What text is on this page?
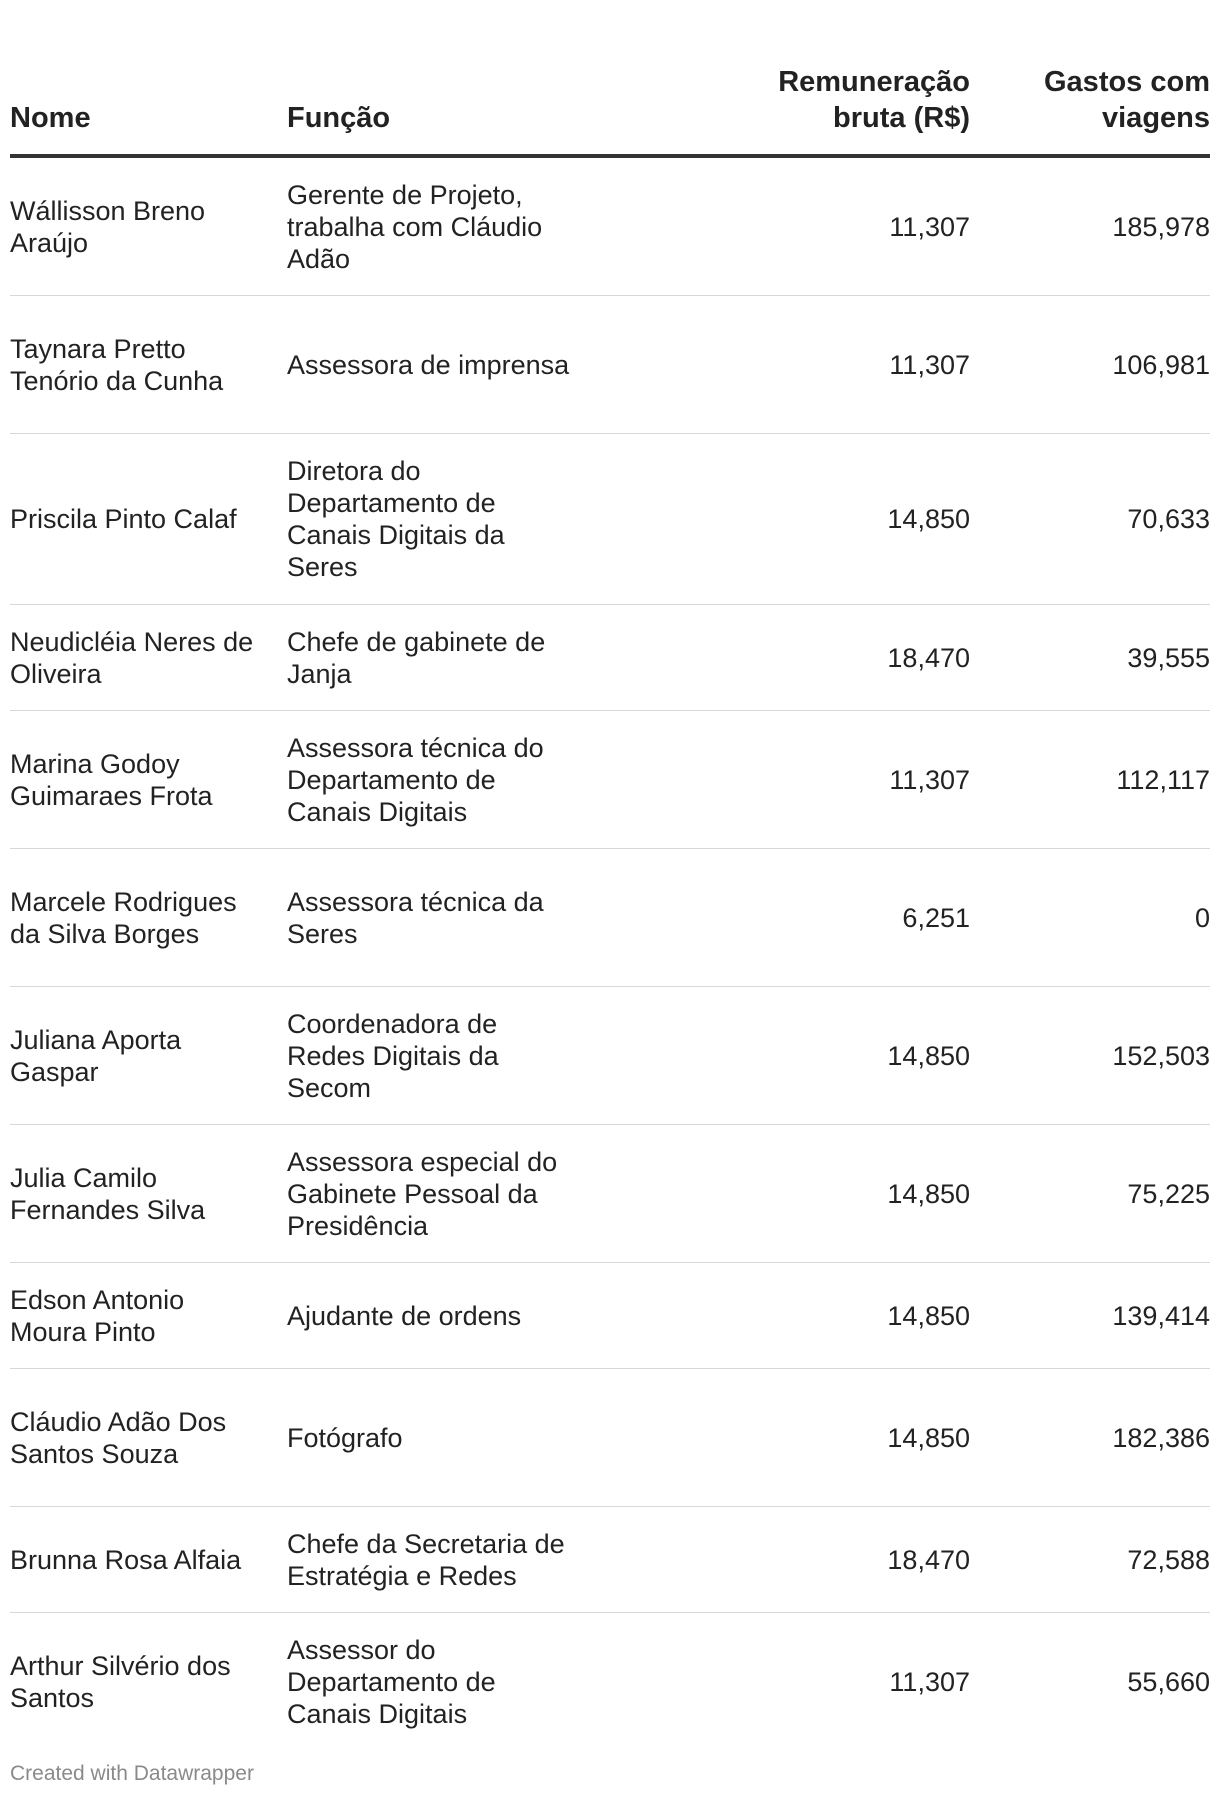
Nome	Função	Remuneração bruta (R$)	Gastos com viagens

Wállisson Breno Araújo	Gerente de Projeto, trabalha com Cláudio Adão	11,307	185,978

Taynara Pretto Tenório da Cunha	Assessora de imprensa	11,307	106,981

Priscila Pinto Calaf	Diretora do Departamento de Canais Digitais da Seres	14,850	70,633

Neudicléia Neres de Oliveira	Chefe de gabinete de Janja	18,470	39,555

Marina Godoy Guimaraes Frota	Assessora técnica do Departamento de Canais Digitais	11,307	112,117

Marcele Rodrigues da Silva Borges	Assessora técnica da Seres	6,251	0

Juliana Aporta Gaspar	Coordenadora de Redes Digitais da Secom	14,850	152,503

Julia Camilo Fernandes Silva	Assessora especial do Gabinete Pessoal da Presidência	14,850	75,225

Edson Antonio Moura Pinto	Ajudante de ordens	14,850	139,414

Cláudio Adão Dos Santos Souza	Fotógrafo	14,850	182,386

Brunna Rosa Alfaia	Chefe da Secretaria de Estratégia e Redes	18,470	72,588

Arthur Silvério dos Santos	Assessor do Departamento de Canais Digitais	11,307	55,660
Created with Datawrapper
